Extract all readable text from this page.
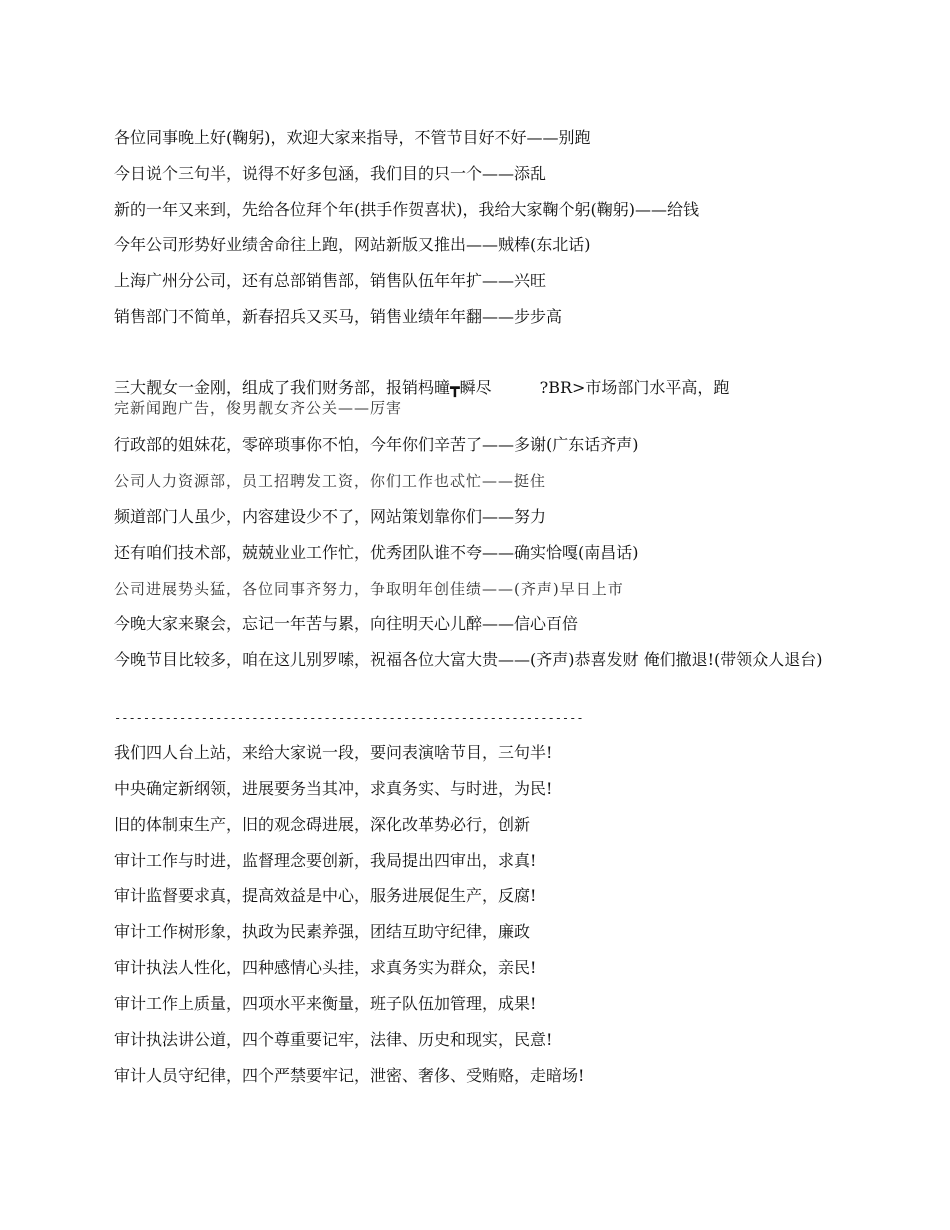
各位同事晚上好(鞠躬)，欢迎大家来指导，不管节目好不好——别跑
今日说个三句半，说得不好多包涵，我们目的只一个——添乱
新的一年又来到，先给各位拜个年(拱手作贺喜状)，我给大家鞠个躬(鞠躬)——给钱
今年公司形势好业绩舍命往上跑，网站新版又推出——贼棒(东北话)
上海广州分公司，还有总部销售部，销售队伍年年扩——兴旺
销售部门不简单，新春招兵又买马，销售业绩年年翻——步步高
三大靓女一金刚，组成了我们财务部，报销杩曈┳瞬尽	?BR>市场部门水平高，跑
完新闻跑广告，俊男靓女齐公关——厉害
行政部的姐妹花，零碎琐事你不怕，今年你们辛苦了——多谢(广东话齐声)
公司人力资源部，员工招聘发工资，你们工作也忒忙——挺住
频道部门人虽少，内容建设少不了，网站策划靠你们——努力
还有咱们技术部，兢兢业业工作忙，优秀团队谁不夸——确实恰嘎(南昌话)
公司进展势头猛，各位同事齐努力，争取明年创佳绩——(齐声)早日上市
今晚大家来聚会，忘记一年苦与累，向往明天心儿醉——信心百倍
今晚节目比较多，咱在这儿别罗嗦，祝福各位大富大贵——(齐声)恭喜发财 俺们撤退!(带领众人退台)
-----------------------------------------------------------------
我们四人台上站，来给大家说一段，要问表演啥节目，三句半!
中央确定新纲领，进展要务当其冲，求真务实、与时进，为民!
旧的体制束生产，旧的观念碍进展，深化改革势必行，创新
审计工作与时进，监督理念要创新，我局提出四审出，求真!
审计监督要求真，提高效益是中心，服务进展促生产，反腐!
审计工作树形象，执政为民素养强，团结互助守纪律，廉政
审计执法人性化，四种感情心头挂，求真务实为群众，亲民!
审计工作上质量，四项水平来衡量，班子队伍加管理，成果!
审计执法讲公道，四个尊重要记牢，法律、历史和现实，民意!
审计人员守纪律，四个严禁要牢记，泄密、奢侈、受贿赂，走暗场!
